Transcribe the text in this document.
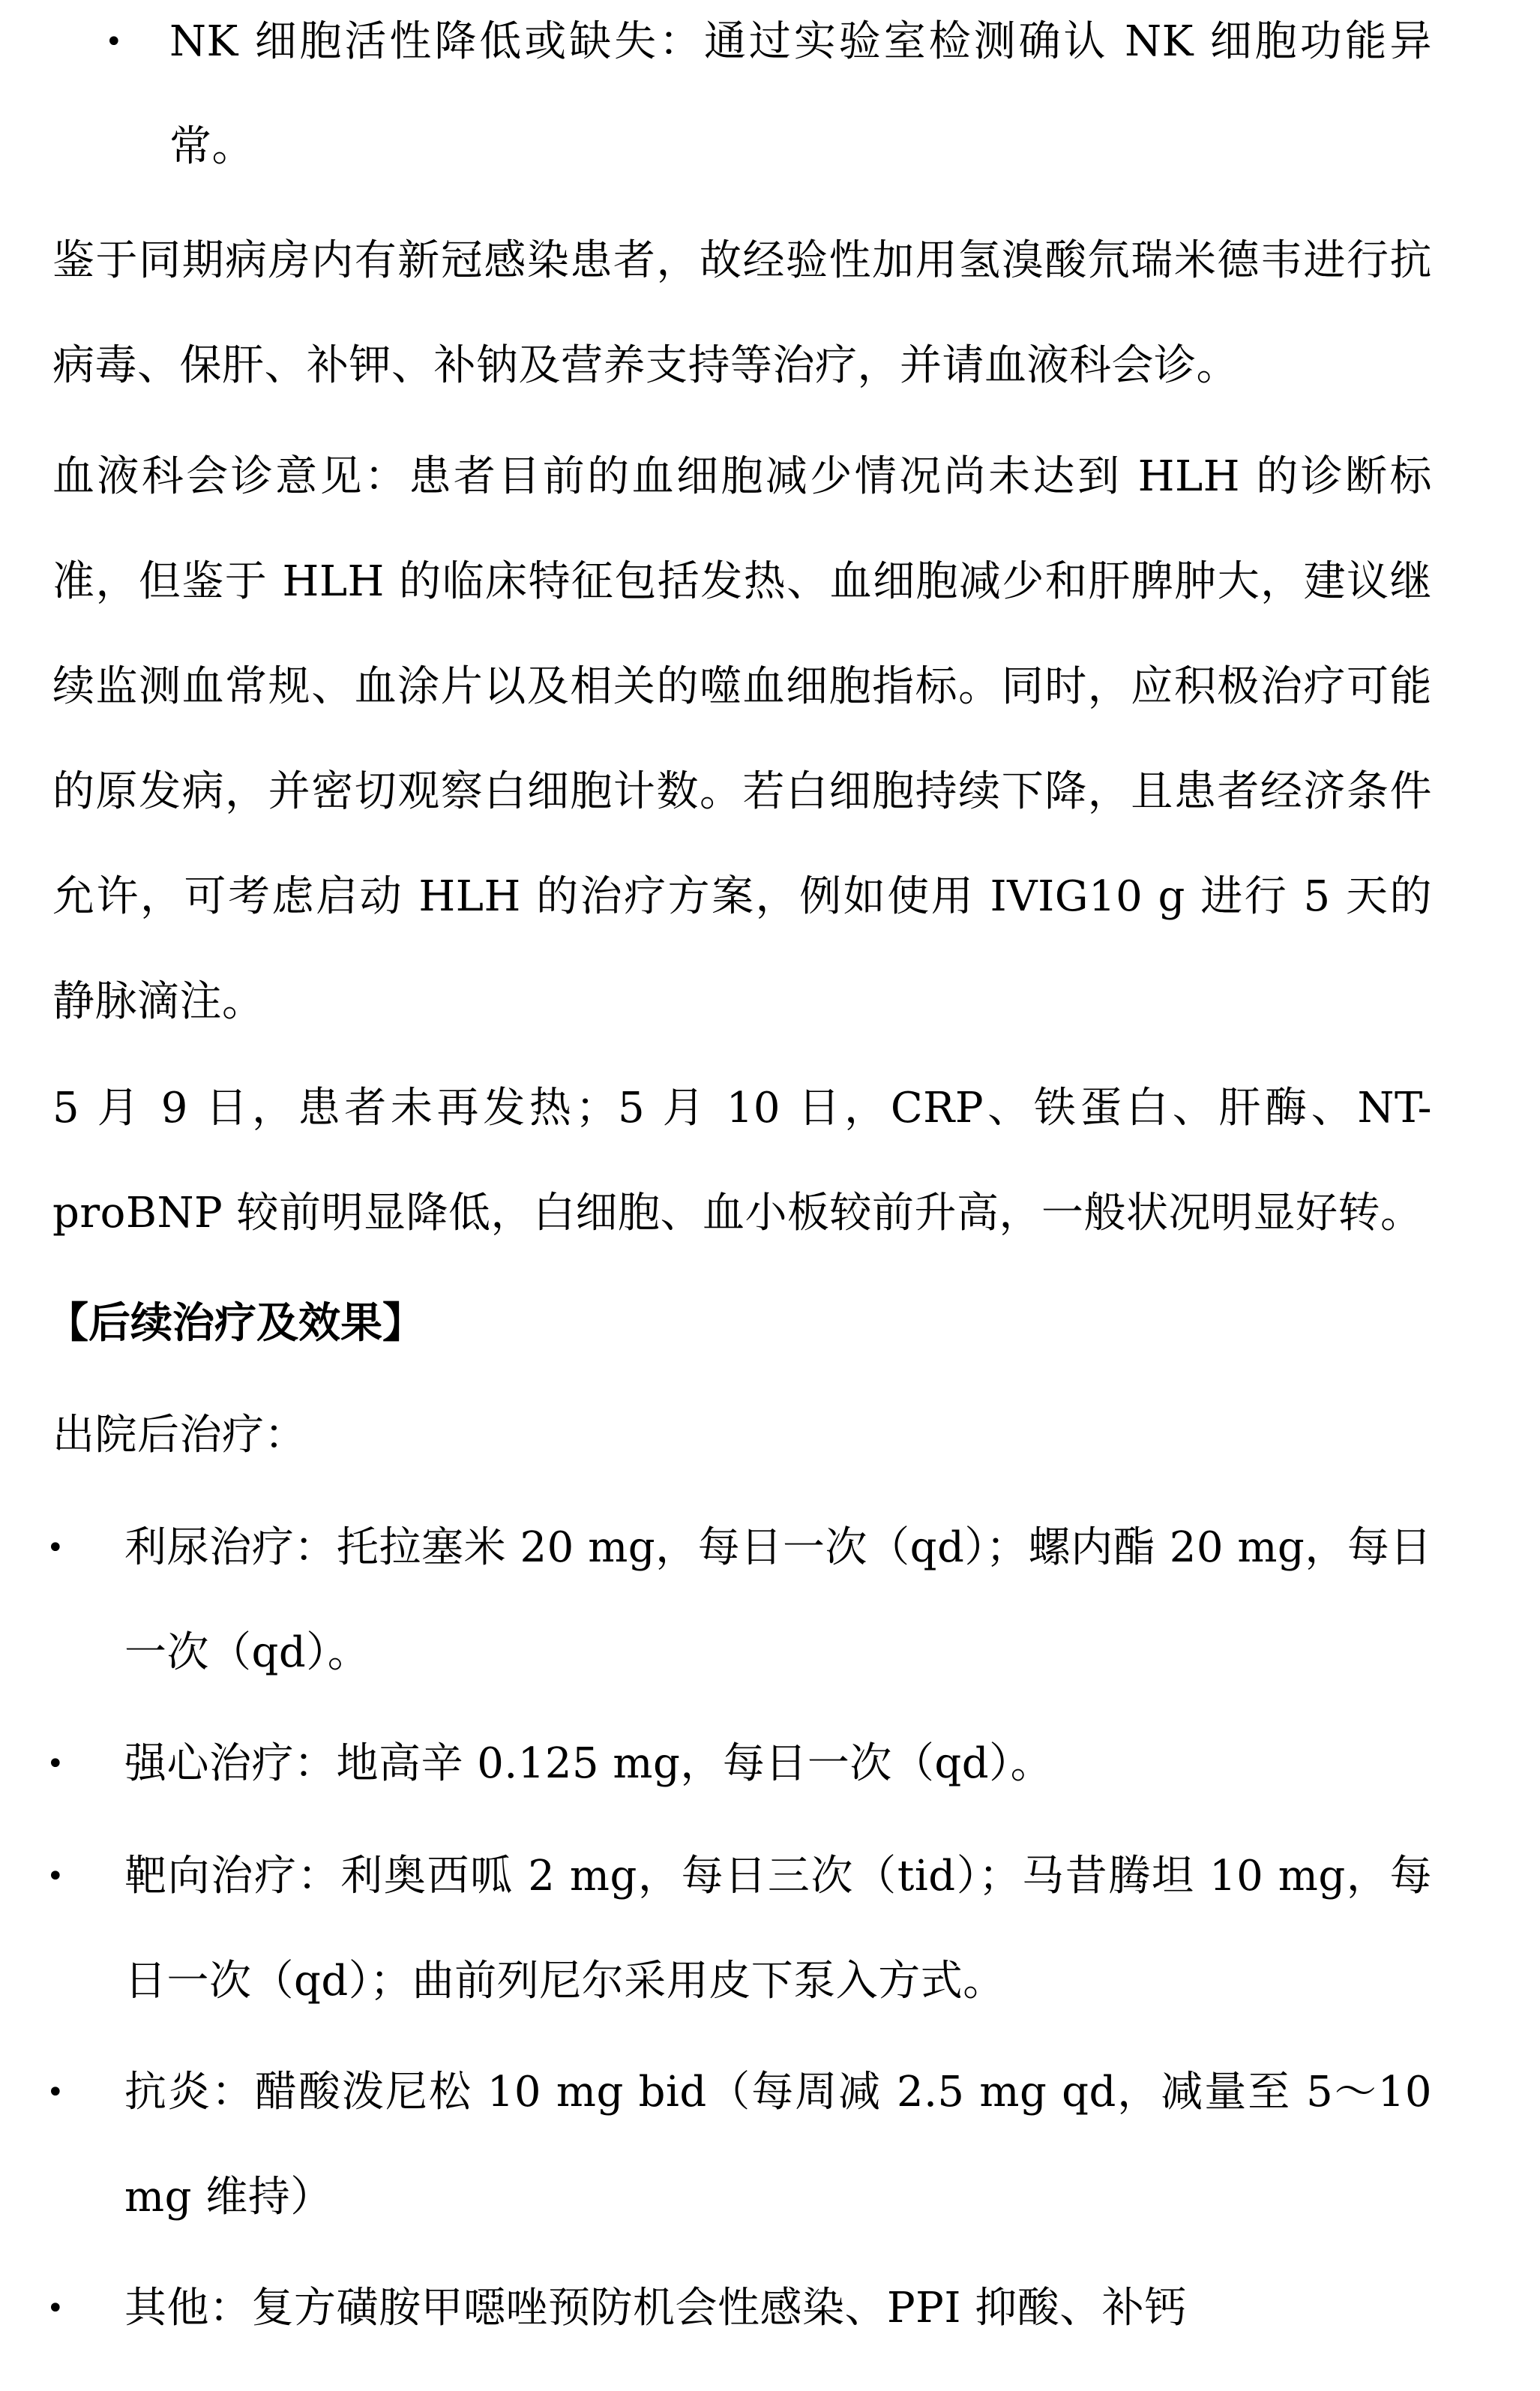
• NK 细胞活性降低或缺失：通过实验室检测确认 NK 细胞功能异常。
鉴于同期病房内有新冠感染患者，故经验性加用氢溴酸氘瑞米德韦进行抗病毒、保肝、补钾、补钠及营养支持等治疗，并请血液科会诊。
血液科会诊意见：患者目前的血细胞减少情况尚未达到 HLH 的诊断标准，但鉴于 HLH 的临床特征包括发热、血细胞减少和肝脾肿大，建议继续监测血常规、血涂片以及相关的噬血细胞指标。同时，应积极治疗可能的原发病，并密切观察白细胞计数。若白细胞持续下降，且患者经济条件允许，可考虑启动 HLH 的治疗方案，例如使用 IVIG10 g 进行 5 天的静脉滴注。
5 月 9 日，患者未再发热；5 月 10 日，CRP、铁蛋白、肝酶、NT-proBNP 较前明显降低，白细胞、血小板较前升高，一般状况明显好转。
【后续治疗及效果】
出院后治疗：
• 利尿治疗：托拉塞米 20 mg，每日一次（qd）；螺内酯 20 mg，每日一次（qd）。
• 强心治疗：地高辛 0.125 mg，每日一次（qd）。
• 靶向治疗：利奥西呱 2 mg，每日三次（tid）；马昔腾坦 10 mg，每日一次（qd）；曲前列尼尔采用皮下泵入方式。
• 抗炎：醋酸泼尼松 10 mg bid（每周减 2.5 mg qd，减量至 5～10 mg 维持）
• 其他：复方磺胺甲噁唑预防机会性感染、PPI 抑酸、补钙
